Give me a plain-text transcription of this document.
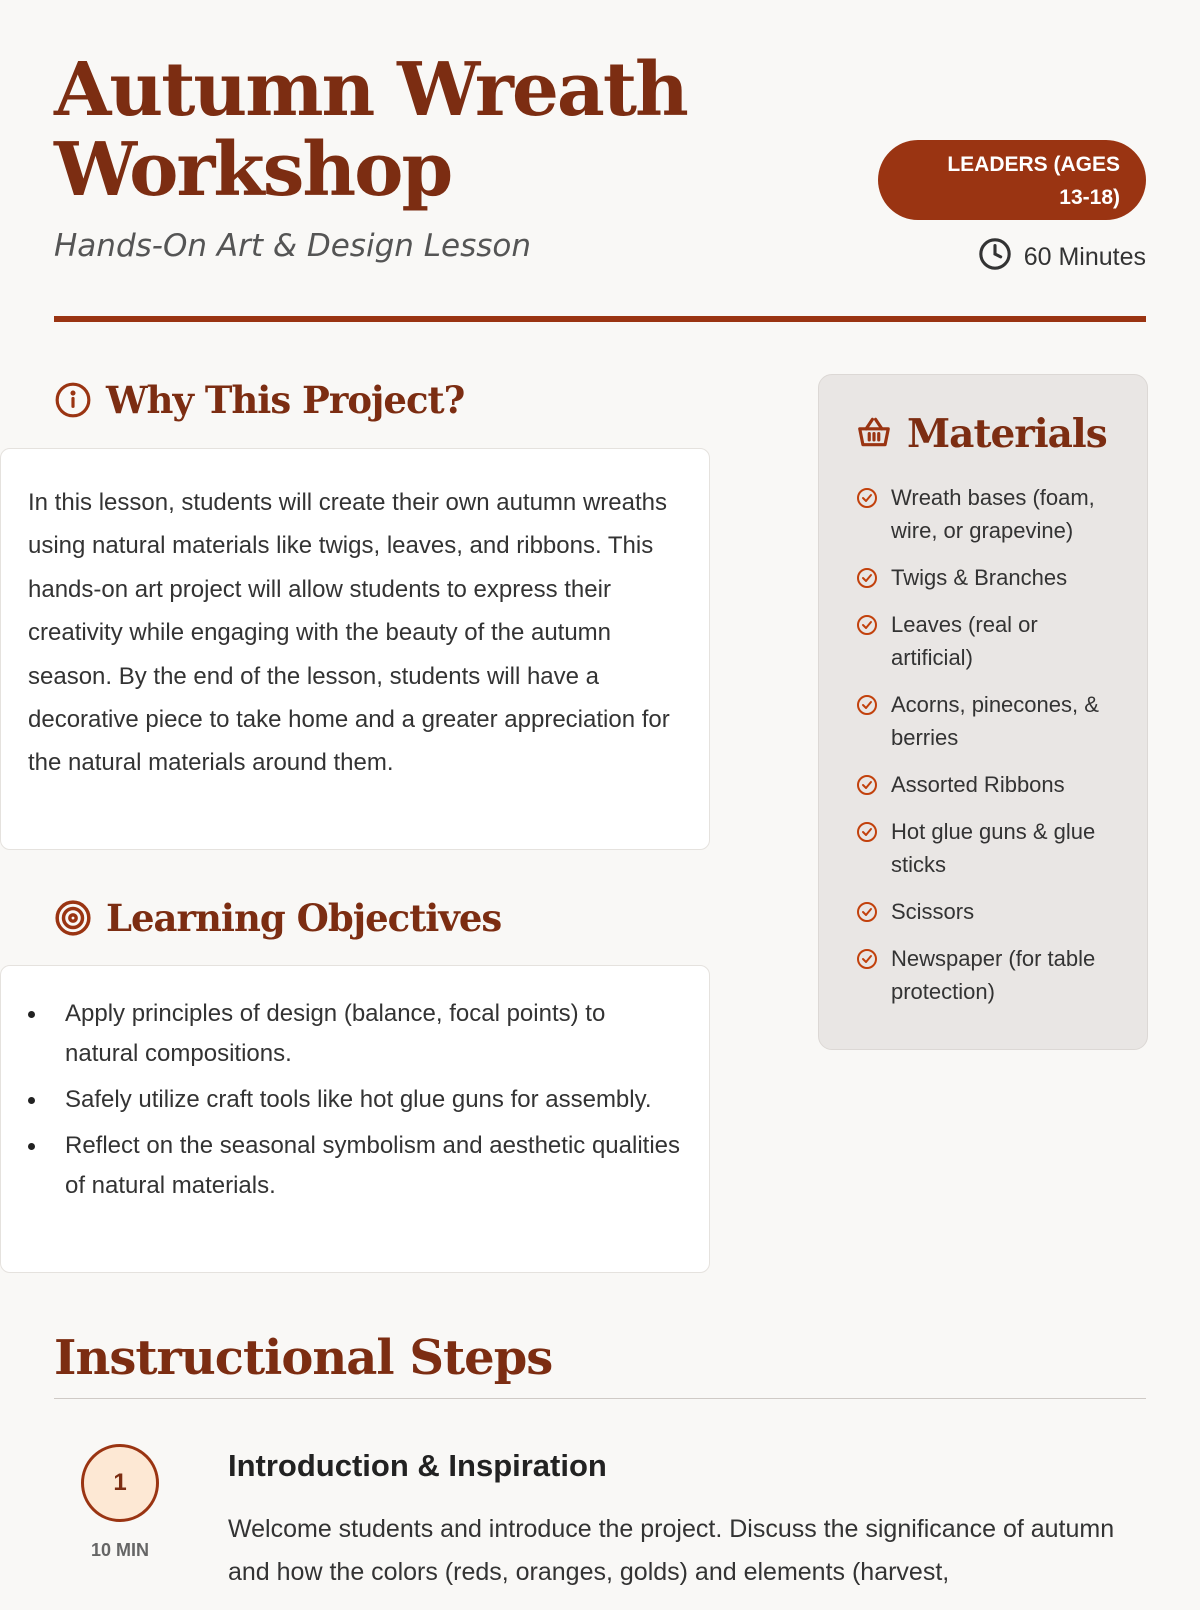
Autumn Wreath Workshop
Hands-On Art & Design Lesson
LEADERS (AGES 13-18)
60 Minutes
Why This Project?

In this lesson, students will create their own autumn wreaths using natural materials like twigs, leaves, and ribbons. This hands-on art project will allow students to express their creativity while engaging with the beauty of the autumn season. By the end of the lesson, students will have a decorative piece to take home and a greater appreciation for the natural materials around them.

Learning Objectives
Apply principles of design (balance, focal points) to natural compositions.
Safely utilize craft tools like hot glue guns for assembly.
Reflect on the seasonal symbolism and aesthetic qualities of natural materials.
Materials
Wreath bases (foam, wire, or grapevine)
Twigs & Branches
Leaves (real or artificial)
Acorns, pinecones, & berries
Assorted Ribbons
Hot glue guns & glue sticks
Scissors
Newspaper (for table protection)
Instructional Steps
1
10 MIN
Introduction & Inspiration
Welcome students and introduce the project. Discuss the significance of autumn and how the colors (reds, oranges, golds) and elements (harvest,
